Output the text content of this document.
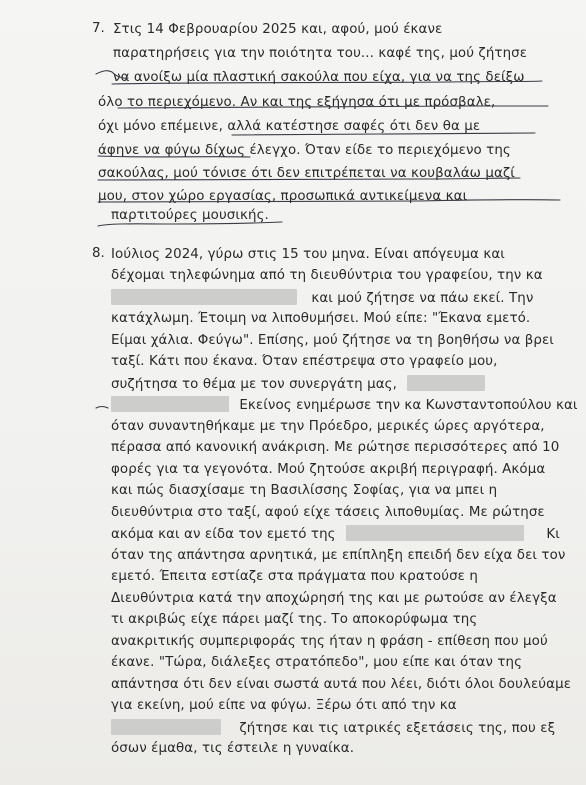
7. Στις 14 Φεβρουαρίου 2025 και, αφού, μού έκανε
παρατηρήσεις για την ποιότητα του... καφέ της, μού ζήτησε
να ανοίξω μία πλαστική σακούλα που είχα, για να της δείξω
όλο το περιεχόμενο. Αν και της εξήγησα ότι με πρόσβαλε,
όχι μόνο επέμεινε, αλλά κατέστησε σαφές ότι δεν θα με
άφηνε να φύγω δίχως έλεγχο. Όταν είδε το περιεχόμενο της
σακούλας, μού τόνισε ότι δεν επιτρέπεται να κουβαλάω μαζί
μου, στον χώρο εργασίας, προσωπικά αντικείμενα και
παρτιτούρες μουσικής.
8. Ιούλιος 2024, γύρω στις 15 του μηνα. Είναι απόγευμα και
δέχομαι τηλεφώνημα από τη διευθύντρια του γραφείου, την κα
και μού ζήτησε να πάω εκεί. Την
κατάχλωμη. Έτοιμη να λιποθυμήσει. Μού είπε: "Έκανα εμετό.
Είμαι χάλια. Φεύγω". Επίσης, μού ζήτησε να τη βοηθήσω να βρει
ταξί. Κάτι που έκανα. Όταν επέστρεψα στο γραφείο μου,
συζήτησα το θέμα με τον συνεργάτη μας,
Εκείνος ενημέρωσε την κα Κωνσταντοπούλου και
όταν συναντηθήκαμε με την Πρόεδρο, μερικές ώρες αργότερα,
πέρασα από κανονική ανάκριση. Με ρώτησε περισσότερες από 10
φορές για τα γεγονότα. Μού ζητούσε ακριβή περιγραφή. Ακόμα
και πώς διασχίσαμε τη Βασιλίσσης Σοφίας, για να μπει η
διευθύντρια στο ταξί, αφού είχε τάσεις λιποθυμίας. Με ρώτησε
ακόμα και αν είδα τον εμετό της	Κι
όταν της απάντησα αρνητικά, με επίπληξη επειδή δεν είχα δει τον
εμετό. Έπειτα εστίαζε στα πράγματα που κρατούσε η
Διευθύντρια κατά την αποχώρησή της και με ρωτούσε αν έλεγξα
τι ακριβώς είχε πάρει μαζί της. Το αποκορύφωμα της
ανακριτικής συμπεριφοράς της ήταν η φράση - επίθεση που μού
έκανε. "Τώρα, διάλεξες στρατόπεδο", μου είπε και όταν της
απάντησα ότι δεν είναι σωστά αυτά που λέει, διότι όλοι δουλεύαμε
για εκείνη, μού είπε να φύγω. Ξέρω ότι από την κα
ζήτησε και τις ιατρικές εξετάσεις της, που εξ
όσων έμαθα, τις έστειλε η γυναίκα.
